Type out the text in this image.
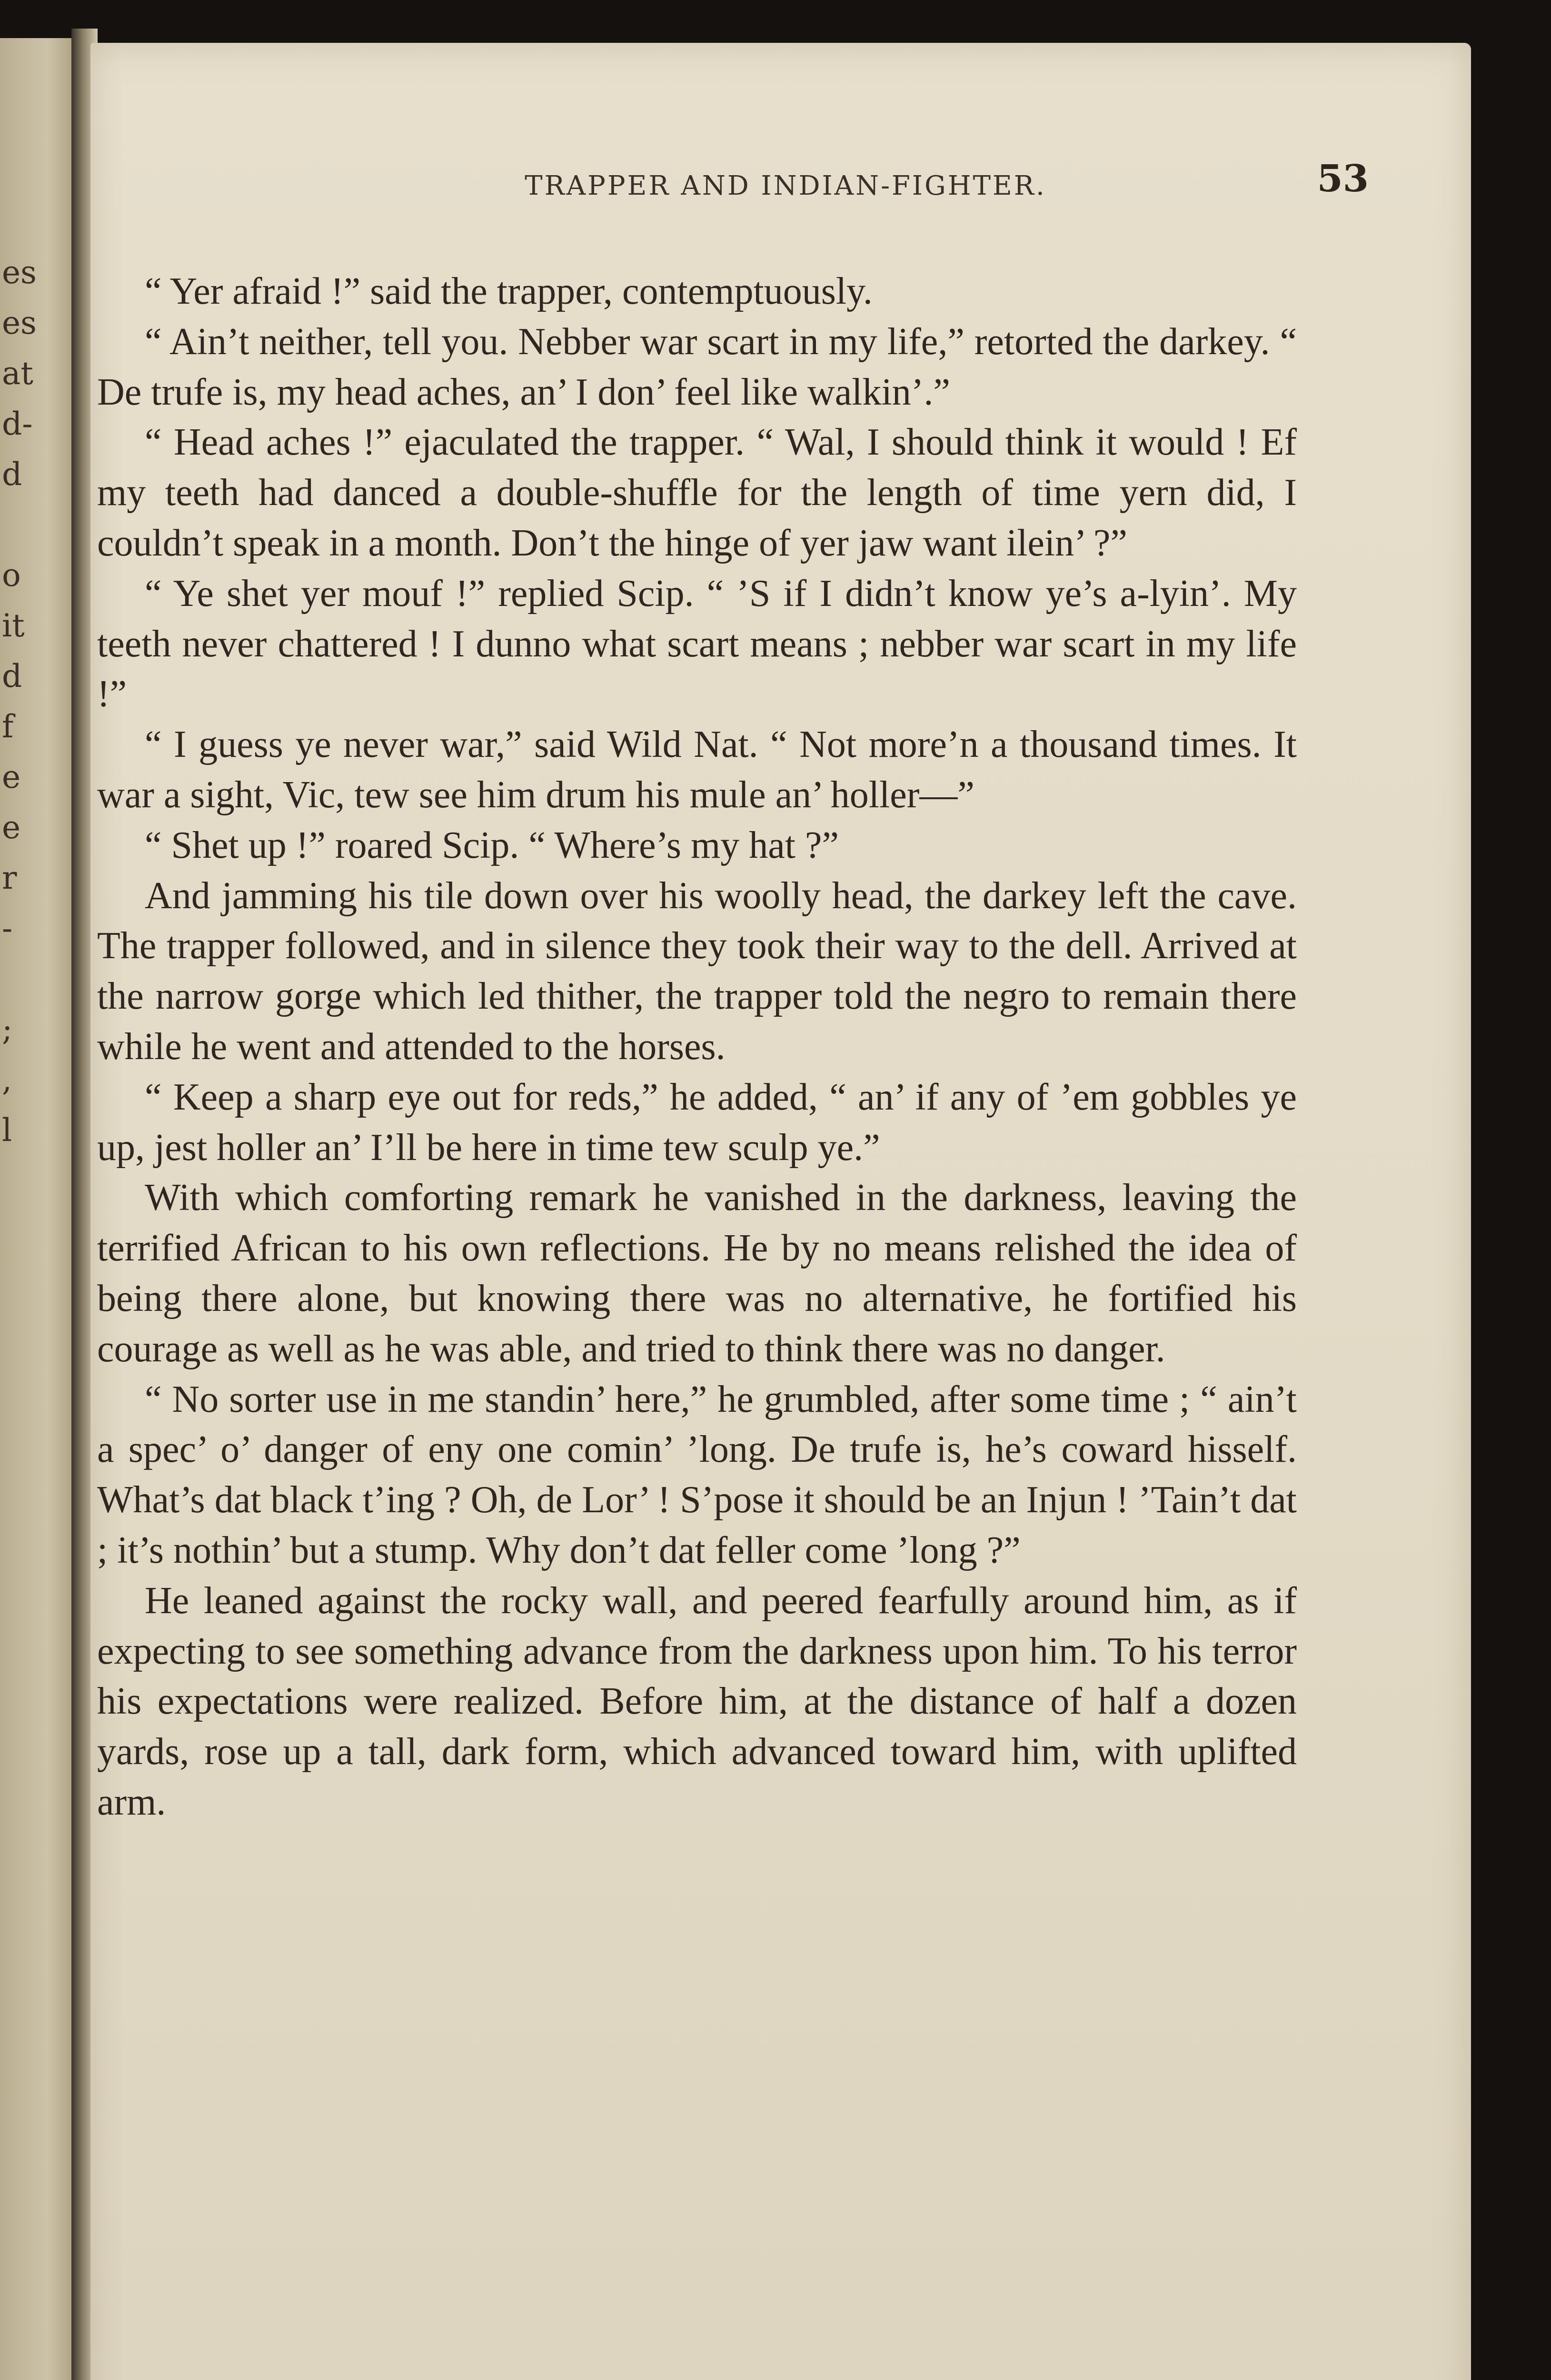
es
es
at
d-
d
o
it
d
f
e
e
r
-
;
,
l
TRAPPER AND INDIAN-FIGHTER.	53

“ Yer afraid !” said the trapper, contemptuously.

“ Ain’t neither, tell you. Nebber war scart in my life,” retorted the darkey. “ De trufe is, my head aches, an’ I don’ feel like walkin’.”

“ Head aches !” ejaculated the trapper. “ Wal, I should think it would ! Ef my teeth had danced a double-shuffle for the length of time yern did, I couldn’t speak in a month. Don’t the hinge of yer jaw want ilein’ ?”

“ Ye shet yer mouf !” replied Scip. “ ’S if I didn’t know ye’s a-lyin’. My teeth never chattered ! I dunno what scart means ; nebber war scart in my life !”

“ I guess ye never war,” said Wild Nat. “ Not more’n a thousand times. It war a sight, Vic, tew see him drum his mule an’ holler—”

“ Shet up !” roared Scip. “ Where’s my hat ?”

And jamming his tile down over his woolly head, the darkey left the cave. The trapper followed, and in silence they took their way to the dell. Arrived at the narrow gorge which led thither, the trapper told the negro to remain there while he went and attended to the horses.

“ Keep a sharp eye out for reds,” he added, “ an’ if any of ’em gobbles ye up, jest holler an’ I’ll be here in time tew sculp ye.”

With which comforting remark he vanished in the darkness, leaving the terrified African to his own reflections. He by no means relished the idea of being there alone, but knowing there was no alternative, he fortified his courage as well as he was able, and tried to think there was no danger.

“ No sorter use in me standin’ here,” he grumbled, after some time ; “ ain’t a spec’ o’ danger of eny one comin’ ’long. De trufe is, he’s coward hisself. What’s dat black t’ing ? Oh, de Lor’ ! S’pose it should be an Injun ! ’Tain’t dat ; it’s nothin’ but a stump. Why don’t dat feller come ’long ?”

He leaned against the rocky wall, and peered fearfully around him, as if expecting to see something advance from the darkness upon him. To his terror his expectations were realized. Before him, at the distance of half a dozen yards, rose up a tall, dark form, which advanced toward him, with uplifted arm.
